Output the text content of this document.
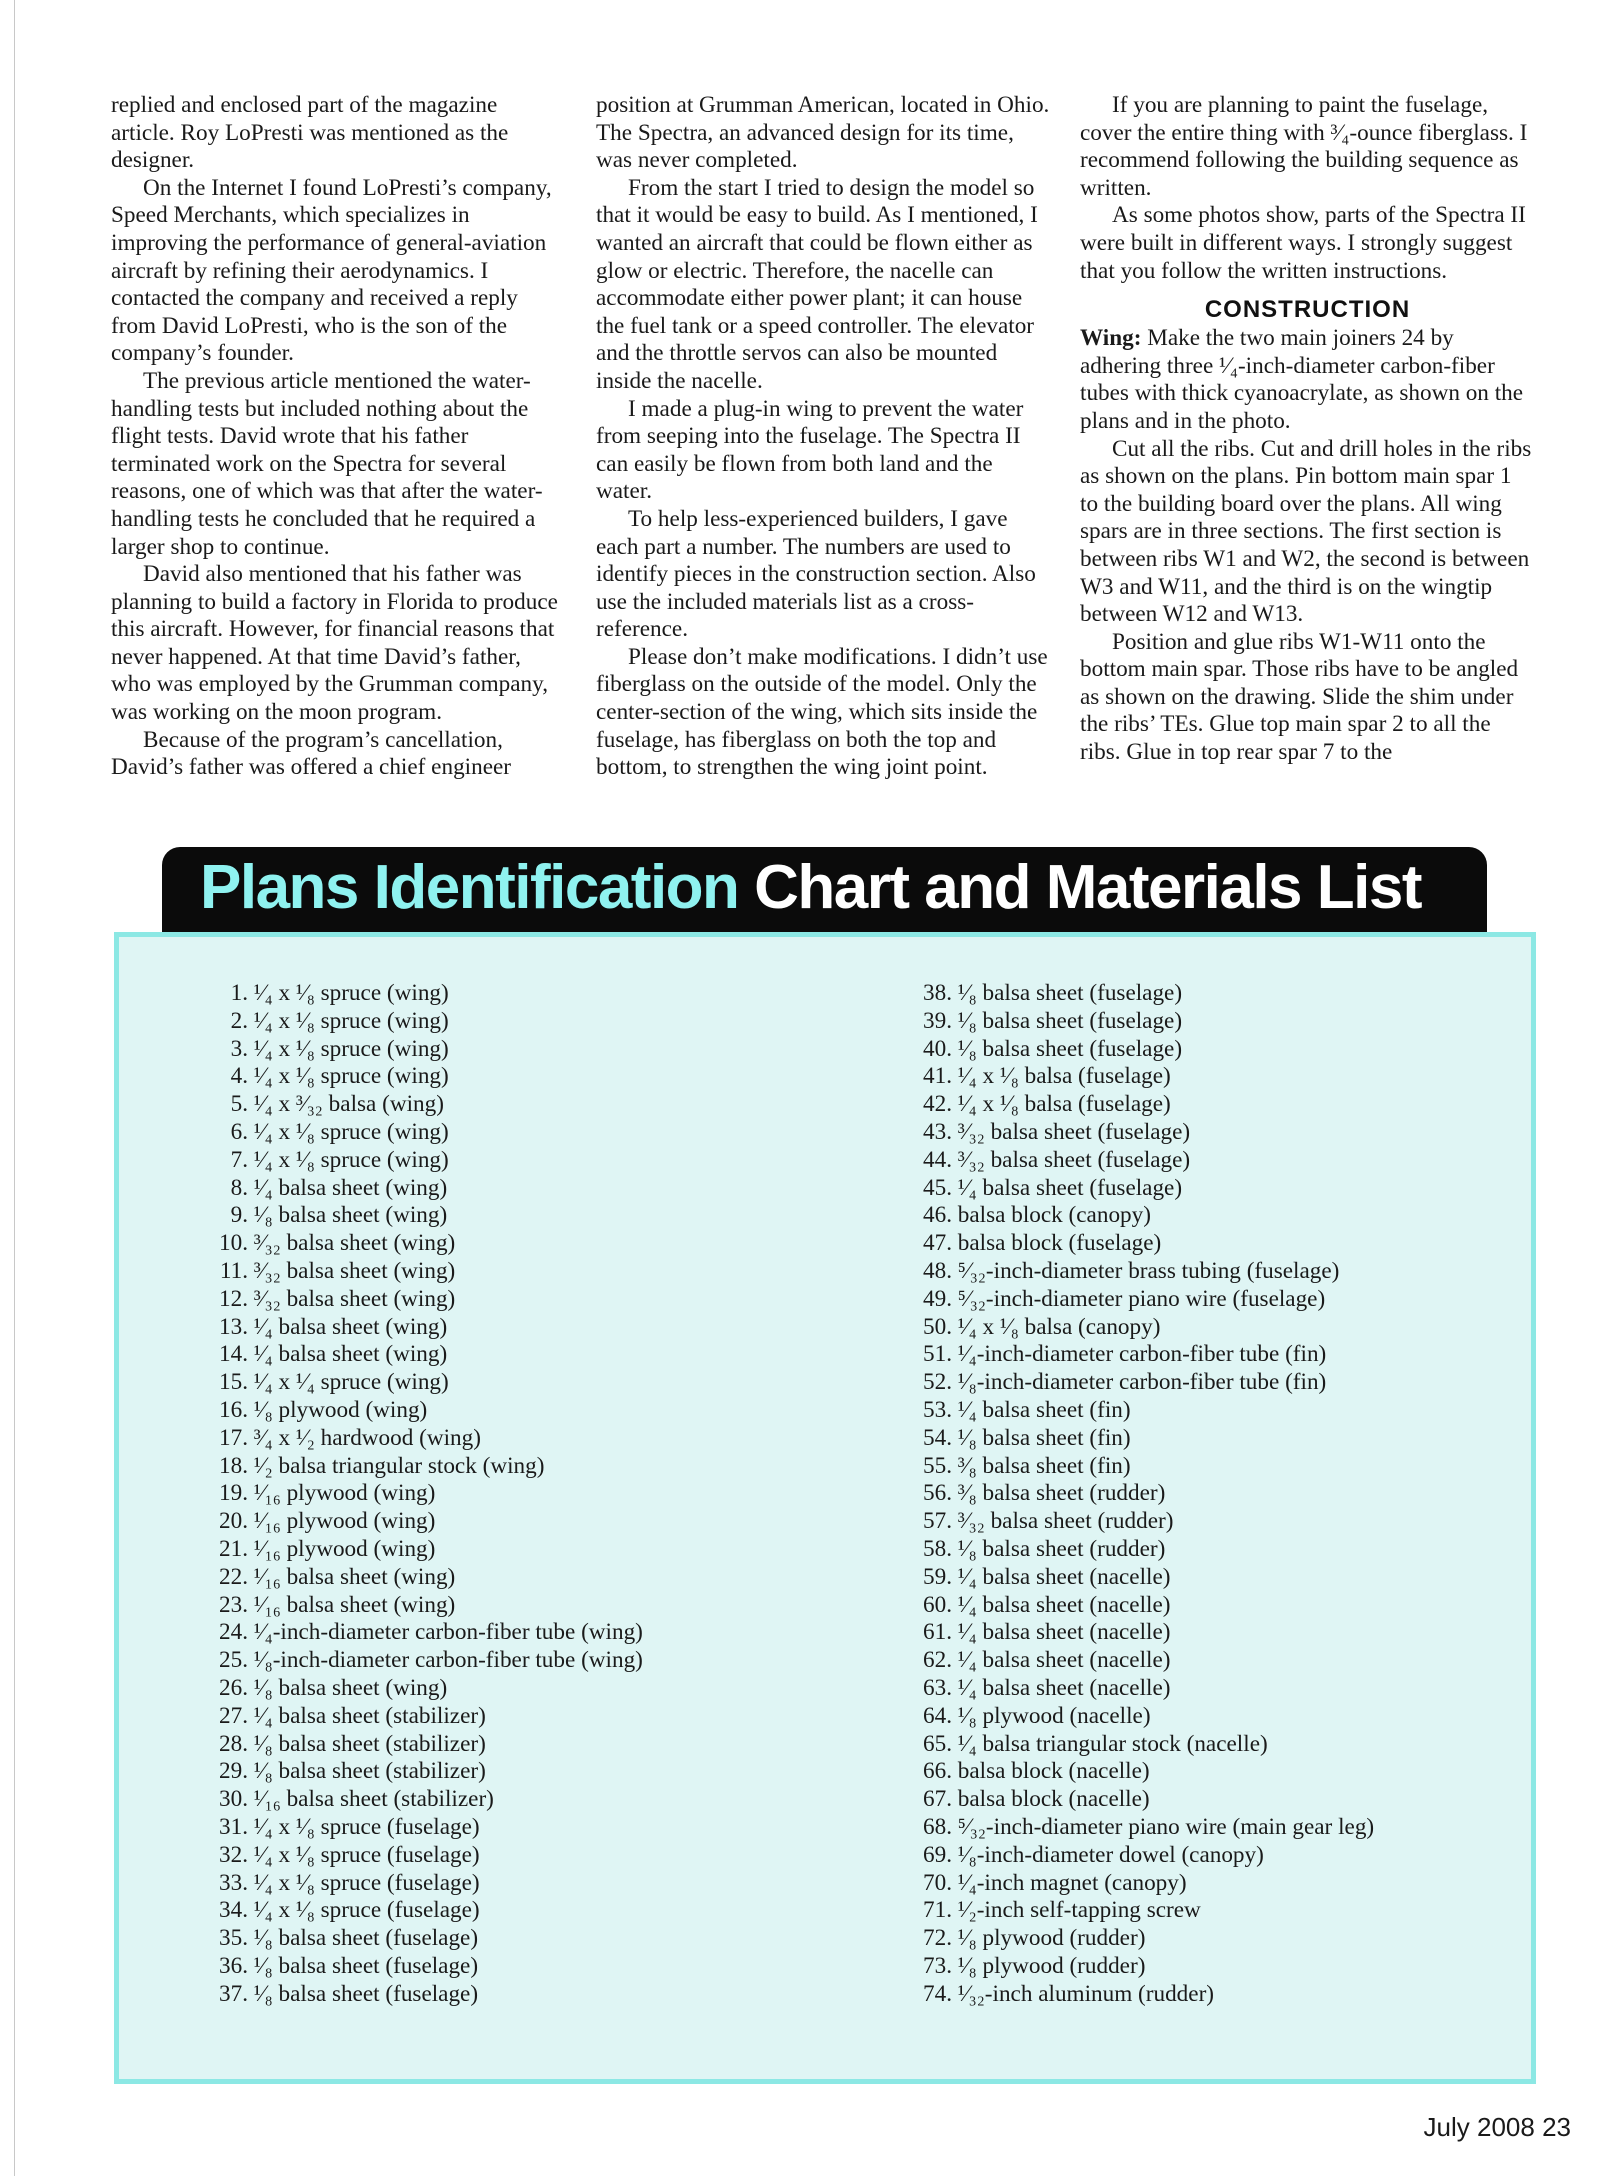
replied and enclosed part of the magazine article. Roy LoPresti was mentioned as the designer.

On the Internet I found LoPresti’s company, Speed Merchants, which specializes in improving the performance of general-aviation aircraft by refining their aerodynamics. I contacted the company and received a reply from David LoPresti, who is the son of the company’s founder.

The previous article mentioned the water-handling tests but included nothing about the flight tests. David wrote that his father terminated work on the Spectra for several reasons, one of which was that after the water-handling tests he concluded that he required a larger shop to continue.

David also mentioned that his father was planning to build a factory in Florida to produce this aircraft. However, for financial reasons that never happened. At that time David’s father, who was employed by the Grumman company, was working on the moon program.

Because of the program’s cancellation, David’s father was offered a chief engineer

position at Grumman American, located in Ohio. The Spectra, an advanced design for its time, was never completed.

From the start I tried to design the model so that it would be easy to build. As I mentioned, I wanted an aircraft that could be flown either as glow or electric. Therefore, the nacelle can accommodate either power plant; it can house the fuel tank or a speed controller. The elevator and the throttle servos can also be mounted inside the nacelle.

I made a plug-in wing to prevent the water from seeping into the fuselage. The Spectra II can easily be flown from both land and the water.

To help less-experienced builders, I gave each part a number. The numbers are used to identify pieces in the construction section. Also use the included materials list as a cross-reference.

Please don’t make modifications. I didn’t use fiberglass on the outside of the model. Only the center-section of the wing, which sits inside the fuselage, has fiberglass on both the top and bottom, to strengthen the wing joint point.

If you are planning to paint the fuselage, cover the entire thing with ³⁄₄-ounce fiberglass. I recommend following the building sequence as written.

As some photos show, parts of the Spectra II were built in different ways. I strongly suggest that you follow the written instructions.

CONSTRUCTION

Wing: Make the two main joiners 24 by adhering three ¹⁄₄-inch-diameter carbon-fiber tubes with thick cyanoacrylate, as shown on the plans and in the photo.

Cut all the ribs. Cut and drill holes in the ribs as shown on the plans. Pin bottom main spar 1 to the building board over the plans. All wing spars are in three sections. The first section is between ribs W1 and W2, the second is between W3 and W11, and the third is on the wingtip between W12 and W13.

Position and glue ribs W1-W11 onto the bottom main spar. Those ribs have to be angled as shown on the drawing. Slide the shim under the ribs’ TEs. Glue top main spar 2 to all the ribs. Glue in top rear spar 7 to the

Plans Identification Chart and Materials List
1. ¹⁄₄ x ¹⁄₈ spruce (wing)
2. ¹⁄₄ x ¹⁄₈ spruce (wing)
3. ¹⁄₄ x ¹⁄₈ spruce (wing)
4. ¹⁄₄ x ¹⁄₈ spruce (wing)
5. ¹⁄₄ x ³⁄₃₂ balsa (wing)
6. ¹⁄₄ x ¹⁄₈ spruce (wing)
7. ¹⁄₄ x ¹⁄₈ spruce (wing)
8. ¹⁄₄ balsa sheet (wing)
9. ¹⁄₈ balsa sheet (wing)
10. ³⁄₃₂ balsa sheet (wing)
11. ³⁄₃₂ balsa sheet (wing)
12. ³⁄₃₂ balsa sheet (wing)
13. ¹⁄₄ balsa sheet (wing)
14. ¹⁄₄ balsa sheet (wing)
15. ¹⁄₄ x ¹⁄₄ spruce (wing)
16. ¹⁄₈ plywood (wing)
17. ³⁄₄ x ¹⁄₂ hardwood (wing)
18. ¹⁄₂ balsa triangular stock (wing)
19. ¹⁄₁₆ plywood (wing)
20. ¹⁄₁₆ plywood (wing)
21. ¹⁄₁₆ plywood (wing)
22. ¹⁄₁₆ balsa sheet (wing)
23. ¹⁄₁₆ balsa sheet (wing)
24. ¹⁄₄-inch-diameter carbon-fiber tube (wing)
25. ¹⁄₈-inch-diameter carbon-fiber tube (wing)
26. ¹⁄₈ balsa sheet (wing)
27. ¹⁄₄ balsa sheet (stabilizer)
28. ¹⁄₈ balsa sheet (stabilizer)
29. ¹⁄₈ balsa sheet (stabilizer)
30. ¹⁄₁₆ balsa sheet (stabilizer)
31. ¹⁄₄ x ¹⁄₈ spruce (fuselage)
32. ¹⁄₄ x ¹⁄₈ spruce (fuselage)
33. ¹⁄₄ x ¹⁄₈ spruce (fuselage)
34. ¹⁄₄ x ¹⁄₈ spruce (fuselage)
35. ¹⁄₈ balsa sheet (fuselage)
36. ¹⁄₈ balsa sheet (fuselage)
37. ¹⁄₈ balsa sheet (fuselage)
38. ¹⁄₈ balsa sheet (fuselage)
39. ¹⁄₈ balsa sheet (fuselage)
40. ¹⁄₈ balsa sheet (fuselage)
41. ¹⁄₄ x ¹⁄₈ balsa (fuselage)
42. ¹⁄₄ x ¹⁄₈ balsa (fuselage)
43. ³⁄₃₂ balsa sheet (fuselage)
44. ³⁄₃₂ balsa sheet (fuselage)
45. ¹⁄₄ balsa sheet (fuselage)
46. balsa block (canopy)
47. balsa block (fuselage)
48. ⁵⁄₃₂-inch-diameter brass tubing (fuselage)
49. ⁵⁄₃₂-inch-diameter piano wire (fuselage)
50. ¹⁄₄ x ¹⁄₈ balsa (canopy)
51. ¹⁄₄-inch-diameter carbon-fiber tube (fin)
52. ¹⁄₈-inch-diameter carbon-fiber tube (fin)
53. ¹⁄₄ balsa sheet (fin)
54. ¹⁄₈ balsa sheet (fin)
55. ³⁄₈ balsa sheet (fin)
56. ³⁄₈ balsa sheet (rudder)
57. ³⁄₃₂ balsa sheet (rudder)
58. ¹⁄₈ balsa sheet (rudder)
59. ¹⁄₄ balsa sheet (nacelle)
60. ¹⁄₄ balsa sheet (nacelle)
61. ¹⁄₄ balsa sheet (nacelle)
62. ¹⁄₄ balsa sheet (nacelle)
63. ¹⁄₄ balsa sheet (nacelle)
64. ¹⁄₈ plywood (nacelle)
65. ¹⁄₄ balsa triangular stock (nacelle)
66. balsa block (nacelle)
67. balsa block (nacelle)
68. ⁵⁄₃₂-inch-diameter piano wire (main gear leg)
69. ¹⁄₈-inch-diameter dowel (canopy)
70. ¹⁄₄-inch magnet (canopy)
71. ¹⁄₂-inch self-tapping screw
72. ¹⁄₈ plywood (rudder)
73. ¹⁄₈ plywood (rudder)
74. ¹⁄₃₂-inch aluminum (rudder)
July 2008 23
